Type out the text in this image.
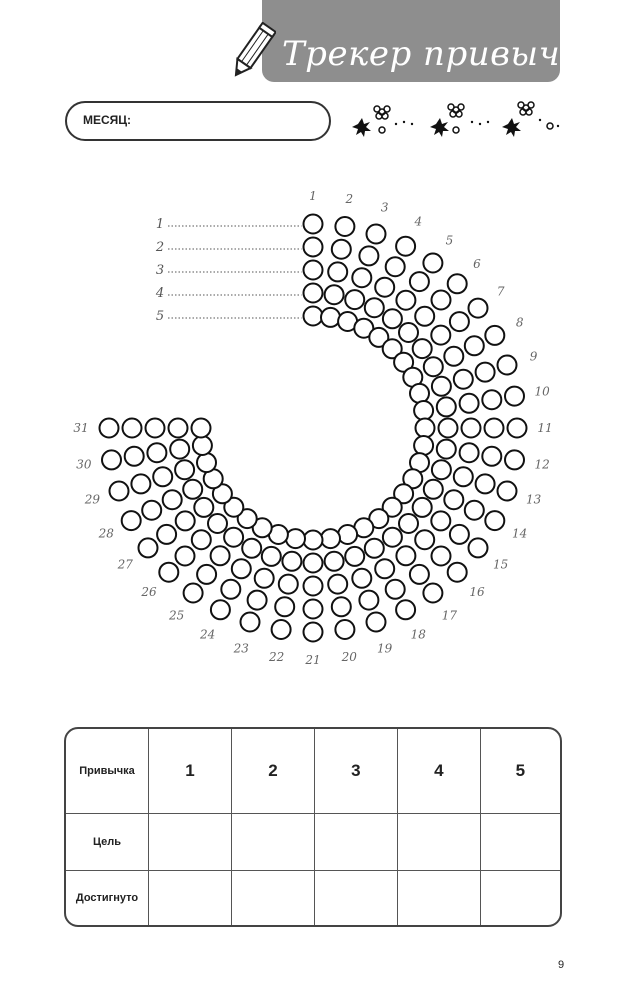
Трекер привычек
МЕСЯЦ:
1 2
3
4
5
6
7
8
9
10
11
12
13
14
15
16
17
18
19
20
21
22
23
24
25
26
27
28
29
30
31
1
2
3
4
5
Привычка	1	2	3	4	5
Цель					
Достигнуто					
9
